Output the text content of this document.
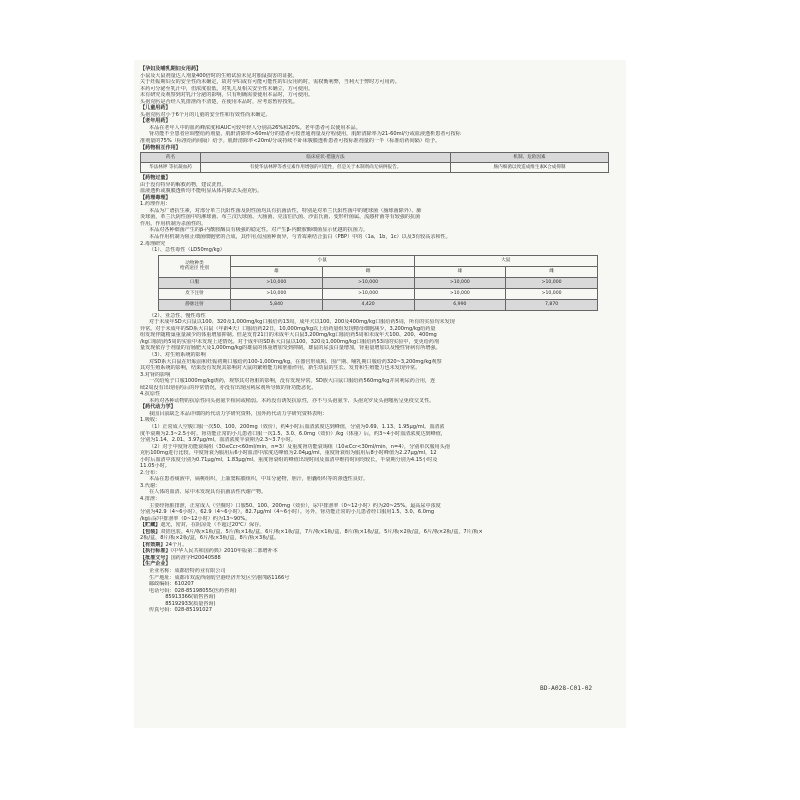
【孕妇及哺乳期妇女用药】
小鼠及大鼠剂量达人剂量400倍时的生殖试验未见对胎鼠损害的证据。
关于妊娠期妇女的安全性尚未确定，故对孕妇或有可能可能性的妇女用药时，需权衡利弊，当利大于弊时方可用药。
本药可分泌至乳汁中，但浓度很低，对乳儿及相关安全性未确立，方可使用。
未有研究及观察到对乳汁分泌的影响，只有明确需要使用本品时，方可使用。
头孢克肟是否经人乳排泄尚不清楚，在使用本品时，应考虑暂停授乳。
【儿童用药】
头孢克肟对小于6个月的儿童的安全性和有效性尚未确定。
【老年用药】
本品在老年人中的血药峰浓度和AUC可较年轻人分别高26%和20%。老年患者可以使用本品。
肾功能不全患者应调整给药剂量，肌酐清除率>60ml/分的患者可按普通剂量及疗程使用，肌酐清除率为21-60ml/分或血液透析患者可按标
准剂量的75%（标准给药间隔）给予。肌酐清除率<20ml/分或持续不卧床腹膜透析患者可按标准剂量的一半（标准给药间隔）给予。
【药物相互作用】
药名	临床症状·措施方法	机制、危险因素
华法林钾 等抗凝血药	有使华法林钾等香豆素作用增强的可能性，但是关于本制剂尚无病例报告。	肠内细菌以致造成维生素K合成抑制
【药物过量】
由于没有特异的解救药物，建议洗胃。
血液透析或腹膜透析均不能明显从体内除去头孢克肟。
【药理毒理】
1.药理作用：
本品为广谱抗生素，对部分革兰氏阳性菌及阴性菌均具有抗菌活性，特别是对革兰氏阳性菌中的链球菌（肠球菌除外）、肺
炎球菌，革兰氏阴性菌中的淋球菌、布兰汉氏球菌、大肠菌、克雷伯氏菌、沙雷氏菌、变形杆菌属、流感杆菌等有较强的抗菌
作用。作用机制为杀菌性的。
本品对各种细菌产生的β-内酰胺酶具有极强的稳定性。对产生β-内酰胺酶细菌显示优越的抗菌力。
本品作用机制为阻止细菌细胞壁的合成，其作用点因菌种而异，与青霉素结合蛋白（PBP）中的（1a，1b，1c）以及3有较高亲和性。
2.毒理研究
（1）、急性毒性（LD50mg/kg）
动物种类
给药途径 性别	小鼠		大鼠	
	雄	雌	雄	雌
口服	>10,000	>10,000	>10,000	>10,000
皮下注射	>10,000	>10,000	>10,000	>10,000
静脉注射	5,840	4,420	6,990	7,870
（2）、亚急性、慢性毒性
对于未成年SD大白鼠以100、320及1,000mg/kg口服给药13周，成年犬以100、200及400mg/kg口服给药5周，所有的实验均未发现
异常。对于未成年的SD系大白鼠（年龄4天）口服给药22日，10,000mg/kg以上给药量组发现精母细胞减少，3,200mg/kg给药量
组发现伴随精巢重量减少的体重增加抑制。但是发育21日的未成年大白鼠3,200mg/kg口服给药5周和未成年犬100、200、400mg
/kg口服给药5周的实验中未发现上述情况。对于成年的SD系大白鼠以100、320及1,000mg/kg口服给药53周的实验中，变更给药剂
量发现依存于剂量的盲肠肥大及1,000mg/kg的雄鼠的体重增加受到抑制，雄鼠的尿蛋白量增加，肾重量增加以及慢性肾病有所增强。
（3）、对生殖系统的影响
对SD系大白鼠在妊娠前和妊娠初期口服给药100-1,000mg/kg，在器官形成期、围产期、哺乳期口服给药320~3,200mg/kg观察
其对生殖系统的影响，结果没有发现其影响对大鼠的繁殖能力和胚胎作用，新生幼鼠的生长、发育和生殖能力也未发现异常。
3.对肾的影响
一次给兔子口服1000mg/kg诱药，观察其对肾脏的影响，没有发现异常。SD族大白鼠口服给药560mg/kg并同利尿药合用，连
续2周没有出现用药后的异常情况，亦没有出现因利尿剂所导致的肾功能恶化。
4.抗原性
本药对各种动物的抗原性同头孢氨苄相同或稍弱。本药没有诱发抗原性，亦不与头孢氨苄、头孢克罗及头孢噻肟呈免疫交叉性。
【药代动力学】
我国目前缺乏本品详细的药代动力学研究资料，国外药代动力学研究资料表明：
1.吸收：
（1）正常成人空腹口服一次50、100、200mg（效价），约4小时后血清浓度达到峰值，分别为0.69、1.13、1.95μg/ml。血清浓
度半衰期为2.3~2.5小时。肾功能正常的小儿患者口服一次1.5、3.0、6.0mg（效价）/kg（体重）后，约3~4小时血清浓度达到峰值，
分别为1.14、2.01、3.97μg/ml。血清浓度半衰期为2.3~3.7小时。
（2）对于中度肾功能衰竭组（30≤Ccr<60ml/min，n=3）及重度肾功能衰竭组（10≤Ccr<30ml/min，n=4），分别单次服用头孢
克肟100mg进行比较。中度肾衰为服用后6小时血清中浓度达峰值为2.04μg/ml，重度肾衰组为服用后8小时峰值为2.27μg/ml，12
小时后血清中浓度分别为0.71μg/ml，1.83μg/ml。重度肾衰组的峰值出现时间及血清中维持时间均较长，半衰期分别为4.15小时及
11.05小时。
2.分布：
本品在患者痰液中，扁桃组织，上颌窦粘膜组织，中耳分泌物，胆汁，胆囊组织等的渗透性良好。
3.代谢：
在人体的血清、尿中未发现具有抗菌活性代谢产物。
4.排泄：
主要经肾脏排泄，正常成人（空腹时）口服50、100、200mg（效价），尿中排泄率（0~12小时）约为20~25%。最高尿中浓度
分别为42.9（4~6小时），62.9（4~6小时），82.7μg/ml（4~6小时）。另外，肾功能正常的小儿患者经口服用1.5、3.0、6.0mg
/kg后尿中排泄率（0~12小时）约为13~90%。
【贮藏】遮光，密封，在阴凉处（不超过20℃）保存。
【包装】双铝包装。4片/板×1板/盒，5片/板×1板/盒，6片/板×1板/盒，7片/板×1板/盒，8片/板×1板/盒，5片/板×2板/盒，6片/板×2板/盒，7片/板×
2板/盒，8片/板×2板/盒，6片/板×3板/盒，8片/板×3板/盒。
【有效期】24个月。
【执行标准】《中华人民共和国药典》2010年版第二部增补本
【批准文号】国药准字H20040588
【生产企业】
企业名称：成都倍特药业有限公司
生产地址：成都市双流西南航空港经济开发区空港四路1166号
邮政编码：610207
电话号码：028-85198055(医药咨询)
85913366(销售咨询)
85192933(质量咨询)
传真号码：028-85191027
BD-A028-C01-02
